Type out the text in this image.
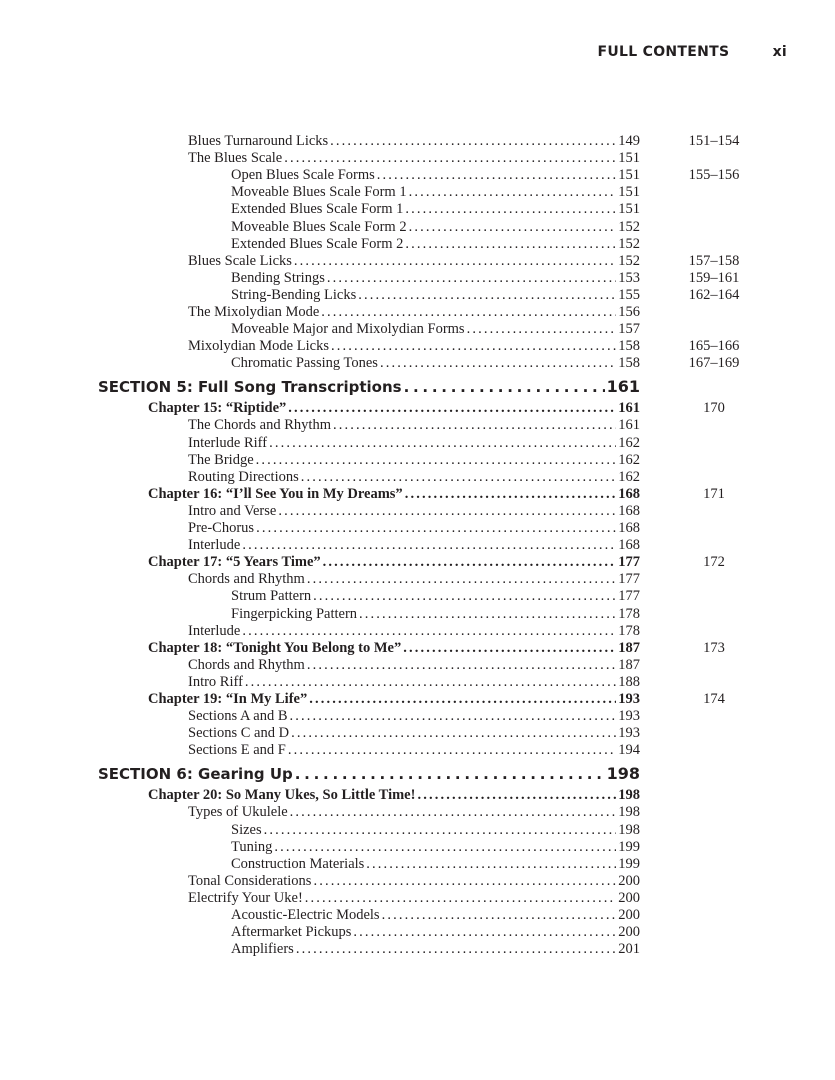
FULL CONTENTS	xi
Blues Turnaround Licks . . .	149	151–154
The Blues Scale . . .	151
Open Blues Scale Forms . . .	151	155–156
Moveable Blues Scale Form 1 . . .	151
Extended Blues Scale Form 1 . . .	151
Moveable Blues Scale Form 2 . . .	152
Extended Blues Scale Form 2 . . .	152
Blues Scale Licks . . .	152	157–158
Bending Strings . . .	153	159–161
String-Bending Licks . . .	155	162–164
The Mixolydian Mode . . .	156
Moveable Major and Mixolydian Forms . . .	157
Mixolydian Mode Licks . . .	158	165–166
Chromatic Passing Tones . . .	158	167–169
SECTION 5: Full Song Transcriptions . . .	161
Chapter 15: “Riptide” . . .	161	170
The Chords and Rhythm . . .	161
Interlude Riff . . .	162
The Bridge . . .	162
Routing Directions . . .	162
Chapter 16: “I’ll See You in My Dreams” . . .	168	171
Intro and Verse . . .	168
Pre-Chorus . . .	168
Interlude . . .	168
Chapter 17: “5 Years Time” . . .	177	172
Chords and Rhythm . . .	177
Strum Pattern . . .	177
Fingerpicking Pattern . . .	178
Interlude . . .	178
Chapter 18: “Tonight You Belong to Me” . . .	187	173
Chords and Rhythm . . .	187
Intro Riff . . .	188
Chapter 19: “In My Life” . . .	193	174
Sections A and B . . .	193
Sections C and D . . .	193
Sections E and F . . .	194
SECTION 6: Gearing Up . . .	198
Chapter 20: So Many Ukes, So Little Time! . . .	198
Types of Ukulele . . .	198
Sizes . . .	198
Tuning . . .	199
Construction Materials . . .	199
Tonal Considerations . . .	200
Electrify Your Uke! . . .	200
Acoustic-Electric Models . . .	200
Aftermarket Pickups . . .	200
Amplifiers . . .	201
